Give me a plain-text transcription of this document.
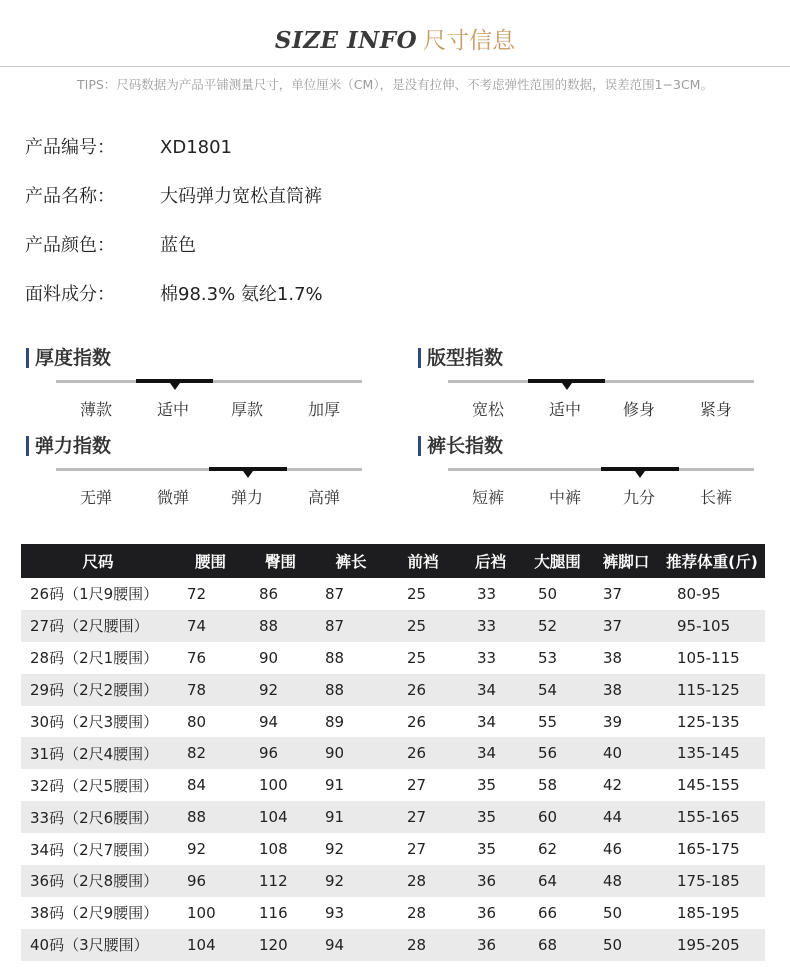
SIZE INFO 尺寸信息
TIPS：尺码数据为产品平铺测量尺寸，单位厘米（CM），是没有拉伸、不考虑弹性范围的数据，误差范围1−3CM。
产品编号：	XD1801
产品名称：	大码弹力宽松直筒裤
产品颜色：	蓝色
面料成分：	棉98.3% 氨纶1.7%
厚度指数
薄款	适中	厚款	加厚
版型指数
宽松	适中	修身	紧身
弹力指数
无弹	微弹	弹力	高弹
裤长指数
短裤	中裤	九分	长裤
尺码	腰围	臀围	裤长	前裆	后裆	大腿围	裤脚口	推荐体重(斤)
26码（1尺9腰围）	72	86	87	25	33	50	37	80-95
27码（2尺腰围）	74	88	87	25	33	52	37	95-105
28码（2尺1腰围）	76	90	88	25	33	53	38	105-115
29码（2尺2腰围）	78	92	88	26	34	54	38	115-125
30码（2尺3腰围）	80	94	89	26	34	55	39	125-135
31码（2尺4腰围）	82	96	90	26	34	56	40	135-145
32码（2尺5腰围）	84	100	91	27	35	58	42	145-155
33码（2尺6腰围）	88	104	91	27	35	60	44	155-165
34码（2尺7腰围）	92	108	92	27	35	62	46	165-175
36码（2尺8腰围）	96	112	92	28	36	64	48	175-185
38码（2尺9腰围）	100	116	93	28	36	66	50	185-195
40码（3尺腰围）	104	120	94	28	36	68	50	195-205
